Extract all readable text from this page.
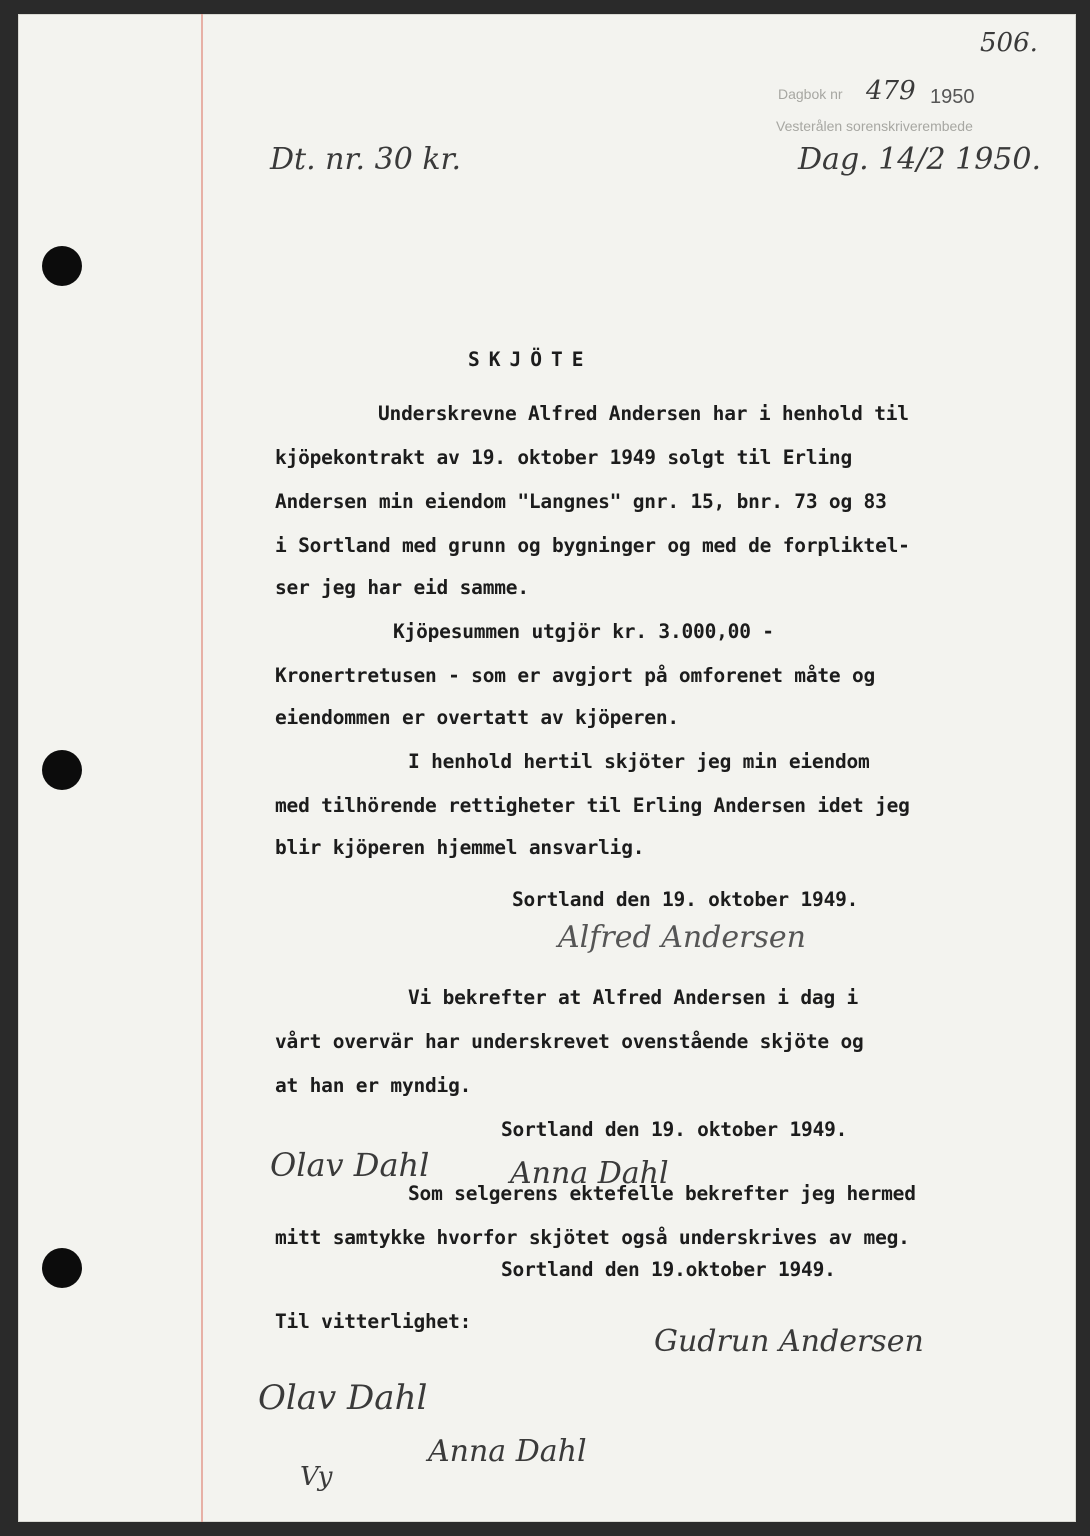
506.

Dagbok nr 479 1950
Vesterålen sorenskriverembede

Dt. nr. 30 kr.	Dag. 14/2 1950.

SKJÖTE

Underskrevne Alfred Andersen har i henhold til

kjöpekontrakt av 19. oktober 1949 solgt til Erling

Andersen min eiendom "Langnes" gnr. 15, bnr. 73 og 83

i Sortland med grunn og bygninger og med de forpliktel-

ser jeg har eid samme.

Kjöpesummen utgjör kr. 3.000,00 -

Kronertretusen - som er avgjort på omforenet måte og

eiendommen er overtatt av kjöperen.

I henhold hertil skjöter jeg min eiendom

med tilhörende rettigheter til Erling Andersen idet jeg

blir kjöperen hjemmel ansvarlig.

Sortland den 19. oktober 1949.

Alfred Andersen

Vi bekrefter at Alfred Andersen i dag i

vårt overvär har underskrevet ovenstående skjöte og

at han er myndig.

Sortland den 19. oktober 1949.

Olav Dahl	Anna Dahl

Som selgerens ektefelle bekrefter jeg hermed

mitt samtykke hvorfor skjötet også underskrives av meg.

Sortland den 19.oktober 1949.

Til vitterlighet:

Gudrun Andersen

Olav Dahl

Anna Dahl

Vy
